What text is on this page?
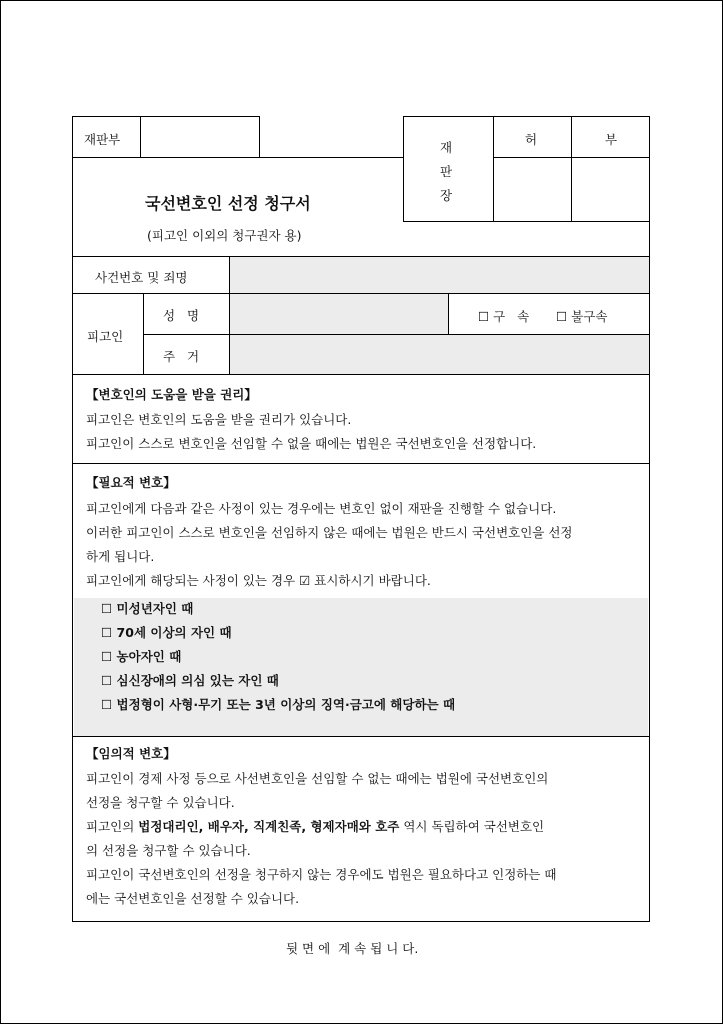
재판부
재판장
허	부
국선변호인 선정 청구서
(피고인 이외의 청구권자 용)
사건번호 및 죄명
피고인
성   명
주   거
☐ 구   속 ☐ 불구속
【변호인의 도움을 받을 권리】
피고인은 변호인의 도움을 받을 권리가 있습니다.
피고인이 스스로 변호인을 선임할 수 없을 때에는 법원은 국선변호인을 선정합니다.
【필요적 변호】
피고인에게 다음과 같은 사정이 있는 경우에는 변호인 없이 재판을 진행할 수 없습니다.
이러한 피고인이 스스로 변호인을 선임하지 않은 때에는 법원은 반드시 국선변호인을 선정
하게 됩니다.
피고인에게 해당되는 사정이 있는 경우 ☑ 표시하시기 바랍니다.
☐ 미성년자인 때
☐ 70세 이상의 자인 때
☐ 농아자인 때
☐ 심신장애의 의심 있는 자인 때
☐ 법정형이 사형·무기 또는 3년 이상의 징역·금고에 해당하는 때
【임의적 변호】
피고인이 경제 사정 등으로 사선변호인을 선임할 수 없는 때에는 법원에 국선변호인의
선정을 청구할 수 있습니다.
피고인의 법정대리인, 배우자, 직계친족, 형제자매와 호주 역시 독립하여 국선변호인
의 선정을 청구할 수 있습니다.
피고인이 국선변호인의 선정을 청구하지 않는 경우에도 법원은 필요하다고 인정하는 때
에는 국선변호인을 선정할 수 있습니다.
뒷 면 에  계 속 됩 니 다.
